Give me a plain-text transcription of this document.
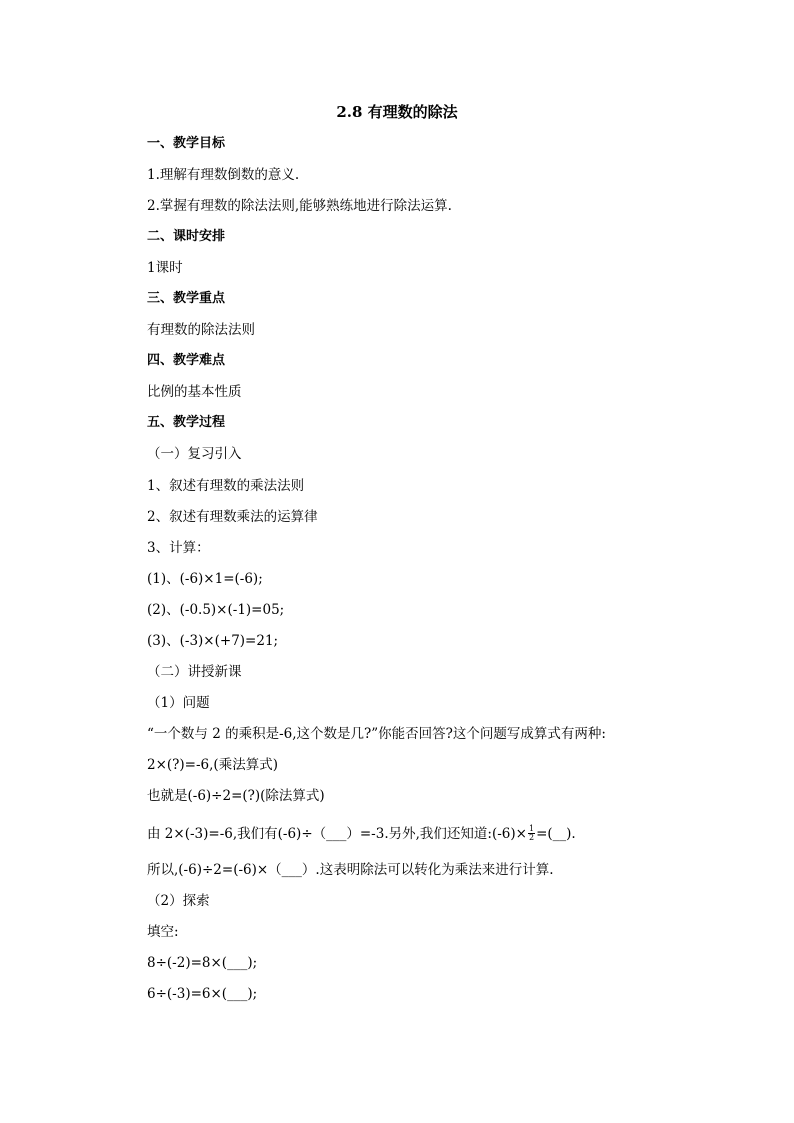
2.8 有理数的除法
一、教学目标
1.理解有理数倒数的意义.
2.掌握有理数的除法法则,能够熟练地进行除法运算.
二、课时安排
1课时
三、教学重点
有理数的除法法则
四、教学难点
比例的基本性质
五、教学过程
（一）复习引入
1、叙述有理数的乘法法则
2、叙述有理数乘法的运算律
3、计算：
(1)、(-6)×1=(-6);
(2)、(-0.5)×(-1)=05;
(3)、(-3)×(+7)=21;
（二）讲授新课
（1）问题
“一个数与 2 的乘积是-6,这个数是几?”你能否回答?这个问题写成算式有两种:
2×(?)=-6,(乘法算式)
也就是(-6)÷2=(?)(除法算式)
由 2×(-3)=-6,我们有(-6)÷（___）=-3.另外,我们还知道:(-6)× $\frac{1}{2}$ =(__).
所以,(-6)÷2=(-6)×（___）.这表明除法可以转化为乘法来进行计算.
（2）探索
填空:
8÷(-2)=8×(___);
6÷(-3)=6×(___);
